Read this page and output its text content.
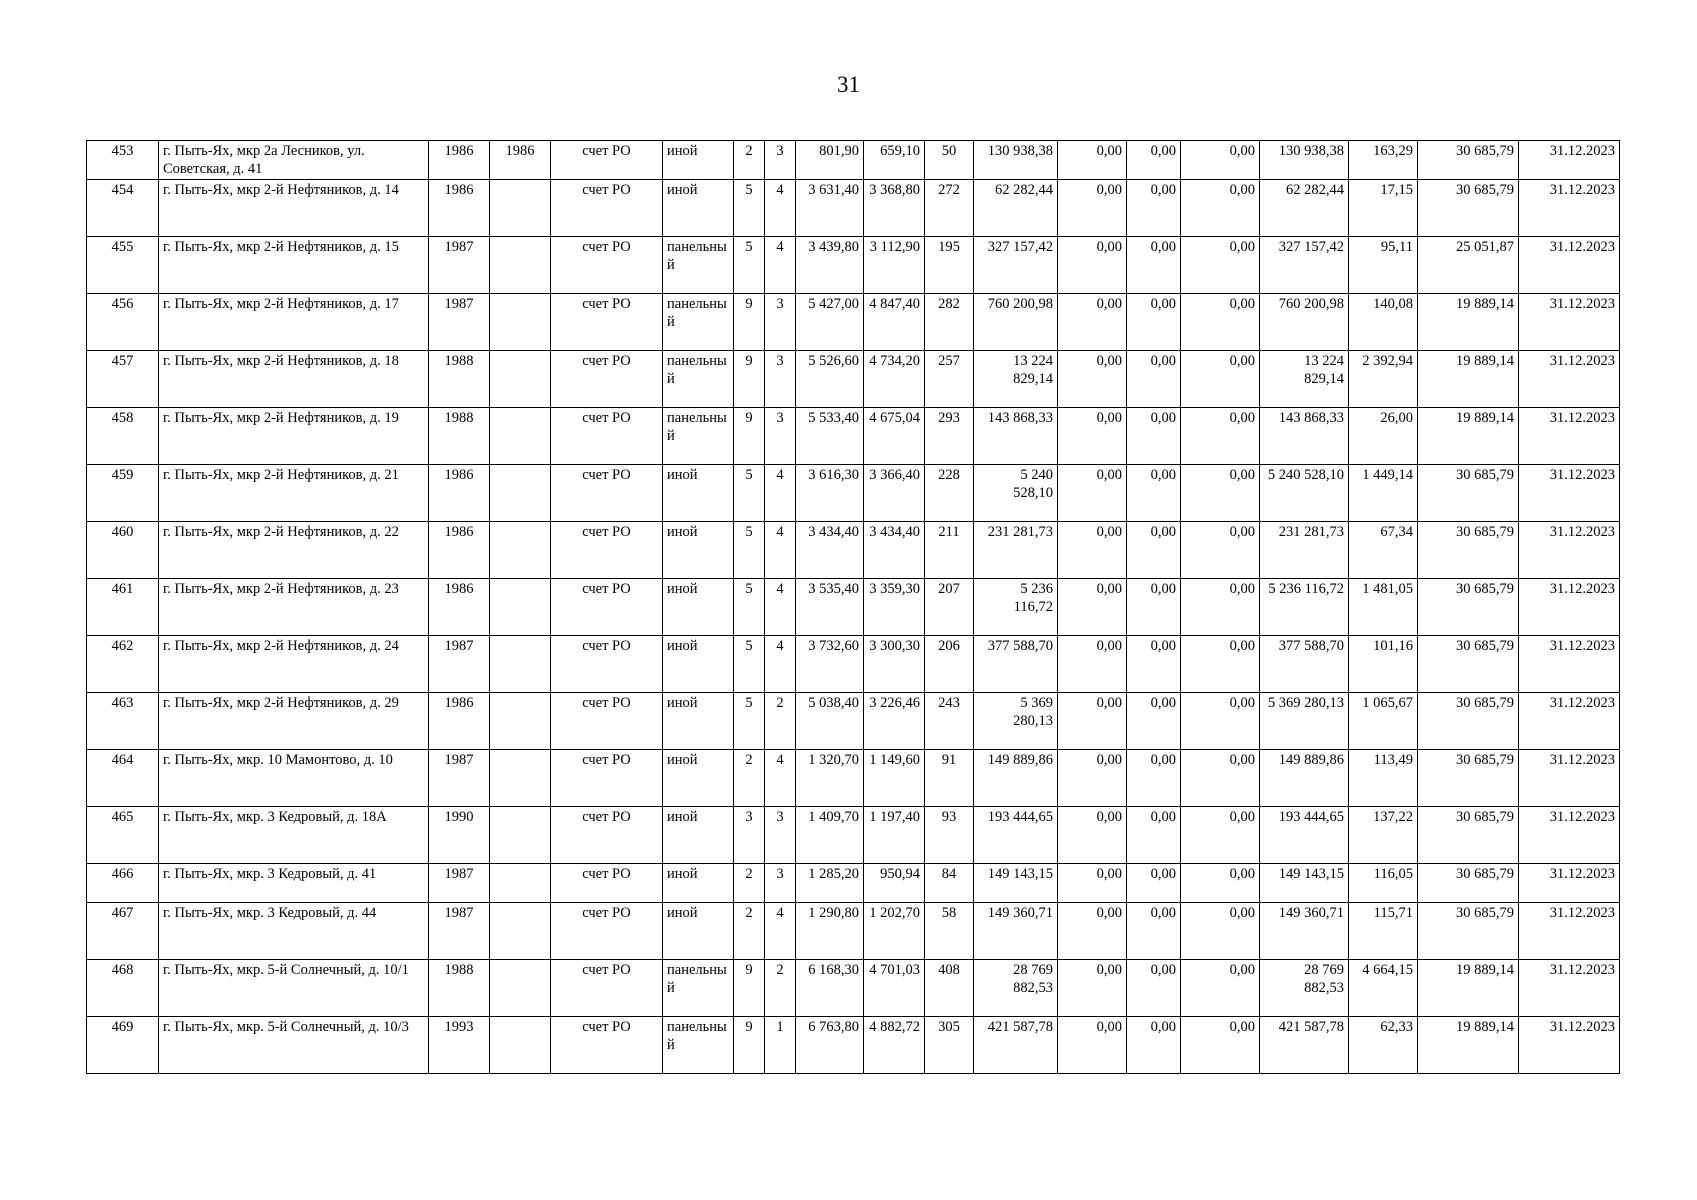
31
453	г. Пыть-Ях, мкр 2а Лесников, ул. Советская, д. 41	1986	1986	счет РО	иной	2	3	801,90	659,10	50	130 938,38	0,00	0,00	0,00	130 938,38	163,29	30 685,79	31.12.2023
454	г. Пыть-Ях, мкр 2-й Нефтяников, д. 14	1986		счет РО	иной	5	4	3 631,40	3 368,80	272	62 282,44	0,00	0,00	0,00	62 282,44	17,15	30 685,79	31.12.2023
455	г. Пыть-Ях, мкр 2-й Нефтяников, д. 15	1987		счет РО	панельный	5	4	3 439,80	3 112,90	195	327 157,42	0,00	0,00	0,00	327 157,42	95,11	25 051,87	31.12.2023
456	г. Пыть-Ях, мкр 2-й Нефтяников, д. 17	1987		счет РО	панельный	9	3	5 427,00	4 847,40	282	760 200,98	0,00	0,00	0,00	760 200,98	140,08	19 889,14	31.12.2023
457	г. Пыть-Ях, мкр 2-й Нефтяников, д. 18	1988		счет РО	панельный	9	3	5 526,60	4 734,20	257	13 224 829,14	0,00	0,00	0,00	13 224 829,14	2 392,94	19 889,14	31.12.2023
458	г. Пыть-Ях, мкр 2-й Нефтяников, д. 19	1988		счет РО	панельный	9	3	5 533,40	4 675,04	293	143 868,33	0,00	0,00	0,00	143 868,33	26,00	19 889,14	31.12.2023
459	г. Пыть-Ях, мкр 2-й Нефтяников, д. 21	1986		счет РО	иной	5	4	3 616,30	3 366,40	228	5 240 528,10	0,00	0,00	0,00	5 240 528,10	1 449,14	30 685,79	31.12.2023
460	г. Пыть-Ях, мкр 2-й Нефтяников, д. 22	1986		счет РО	иной	5	4	3 434,40	3 434,40	211	231 281,73	0,00	0,00	0,00	231 281,73	67,34	30 685,79	31.12.2023
461	г. Пыть-Ях, мкр 2-й Нефтяников, д. 23	1986		счет РО	иной	5	4	3 535,40	3 359,30	207	5 236 116,72	0,00	0,00	0,00	5 236 116,72	1 481,05	30 685,79	31.12.2023
462	г. Пыть-Ях, мкр 2-й Нефтяников, д. 24	1987		счет РО	иной	5	4	3 732,60	3 300,30	206	377 588,70	0,00	0,00	0,00	377 588,70	101,16	30 685,79	31.12.2023
463	г. Пыть-Ях, мкр 2-й Нефтяников, д. 29	1986		счет РО	иной	5	2	5 038,40	3 226,46	243	5 369 280,13	0,00	0,00	0,00	5 369 280,13	1 065,67	30 685,79	31.12.2023
464	г. Пыть-Ях, мкр. 10 Мамонтово, д. 10	1987		счет РО	иной	2	4	1 320,70	1 149,60	91	149 889,86	0,00	0,00	0,00	149 889,86	113,49	30 685,79	31.12.2023
465	г. Пыть-Ях, мкр. 3 Кедровый, д. 18А	1990		счет РО	иной	3	3	1 409,70	1 197,40	93	193 444,65	0,00	0,00	0,00	193 444,65	137,22	30 685,79	31.12.2023
466	г. Пыть-Ях, мкр. 3 Кедровый, д. 41	1987		счет РО	иной	2	3	1 285,20	950,94	84	149 143,15	0,00	0,00	0,00	149 143,15	116,05	30 685,79	31.12.2023
467	г. Пыть-Ях, мкр. 3 Кедровый, д. 44	1987		счет РО	иной	2	4	1 290,80	1 202,70	58	149 360,71	0,00	0,00	0,00	149 360,71	115,71	30 685,79	31.12.2023
468	г. Пыть-Ях, мкр. 5-й Солнечный, д. 10/1	1988		счет РО	панельный	9	2	6 168,30	4 701,03	408	28 769 882,53	0,00	0,00	0,00	28 769 882,53	4 664,15	19 889,14	31.12.2023
469	г. Пыть-Ях, мкр. 5-й Солнечный, д. 10/3	1993		счет РО	панельный	9	1	6 763,80	4 882,72	305	421 587,78	0,00	0,00	0,00	421 587,78	62,33	19 889,14	31.12.2023
